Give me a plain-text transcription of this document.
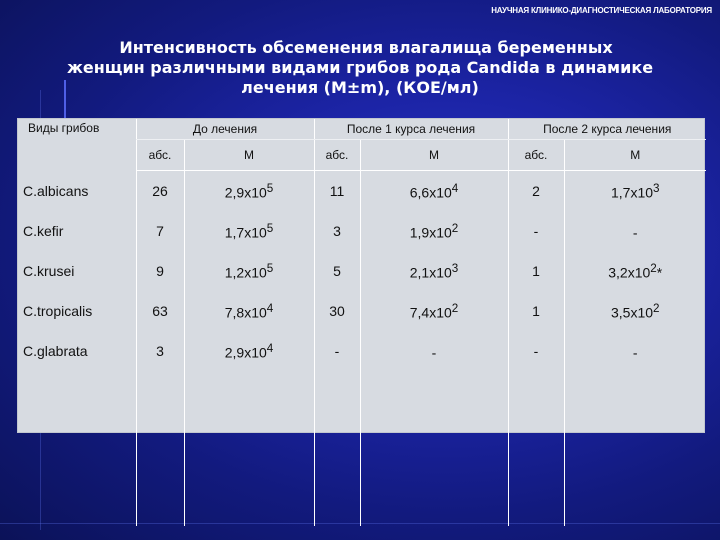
НАУЧНАЯ КЛИНИКО-ДИАГНОСТИЧЕСКАЯ ЛАБОРАТОРИЯ
Интенсивность обсеменения влагалища беременных
женщин различными видами грибов рода Candida в динамике
лечения (M±m), (КОЕ/мл)
Виды грибов	До лечения		После 1 курса лечения		После 2 курса лечения	
	абс.	M	абс.	M	абс.	M
C.albicans	26	$2,9x10^5$	11	$6,6x10^4$	2	$1,7x10^3$
C.kefir	7	$1,7x10^5$	3	$1,9x10^2$	-	-
C.krusei	9	$1,2x10^5$	5	$2,1x10^3$	1	$3,2x10^2*$
C.tropicalis	63	$7,8x10^4$	30	$7,4x10^2$	1	$3,5x10^2$
C.glabrata	3	$2,9x10^4$	-	-	-	-
